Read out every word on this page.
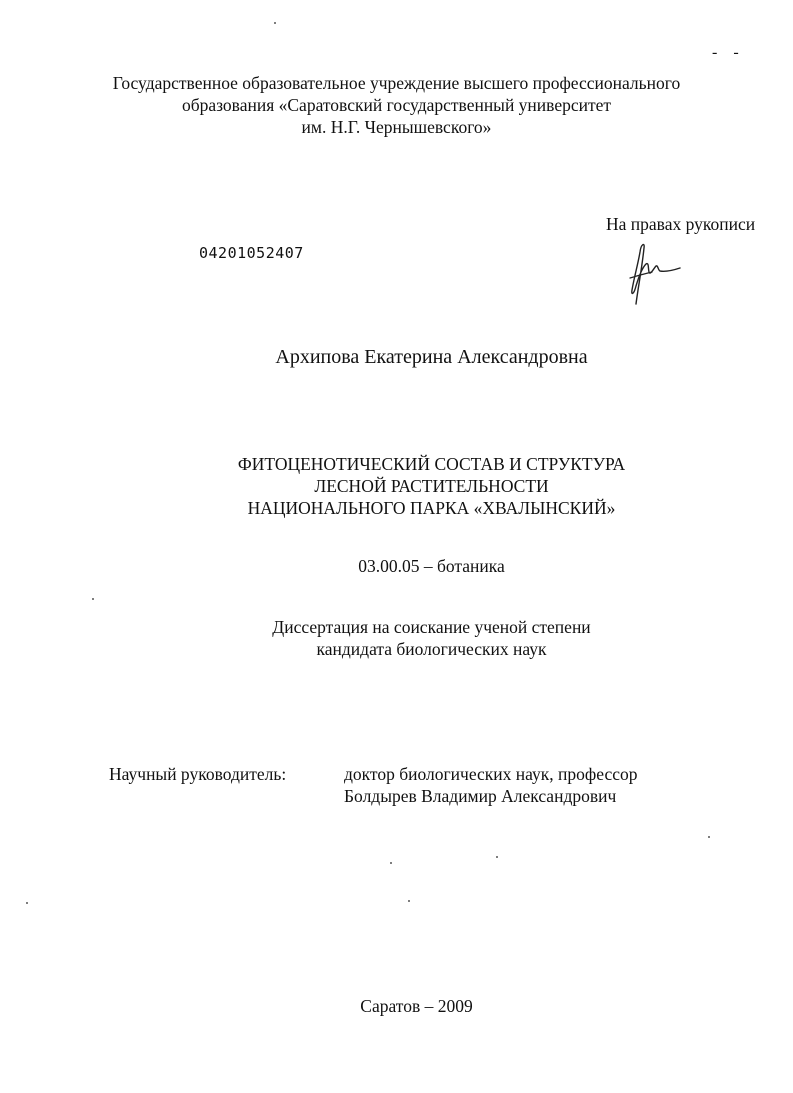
- -
Государственное образовательное учреждение высшего профессионального
образования «Саратовский государственный университет
им. Н.Г. Чернышевского»
На правах рукописи
04201052407
Архипова Екатерина Александровна
ФИТОЦЕНОТИЧЕСКИЙ СОСТАВ И СТРУКТУРА
ЛЕСНОЙ РАСТИТЕЛЬНОСТИ
НАЦИОНАЛЬНОГО ПАРКА «ХВАЛЫНСКИЙ»
03.00.05 – ботаника
Диссертация на соискание ученой степени
кандидата биологических наук
Научный руководитель:	доктор биологических наук, профессор
Болдырев Владимир Александрович
Саратов – 2009
